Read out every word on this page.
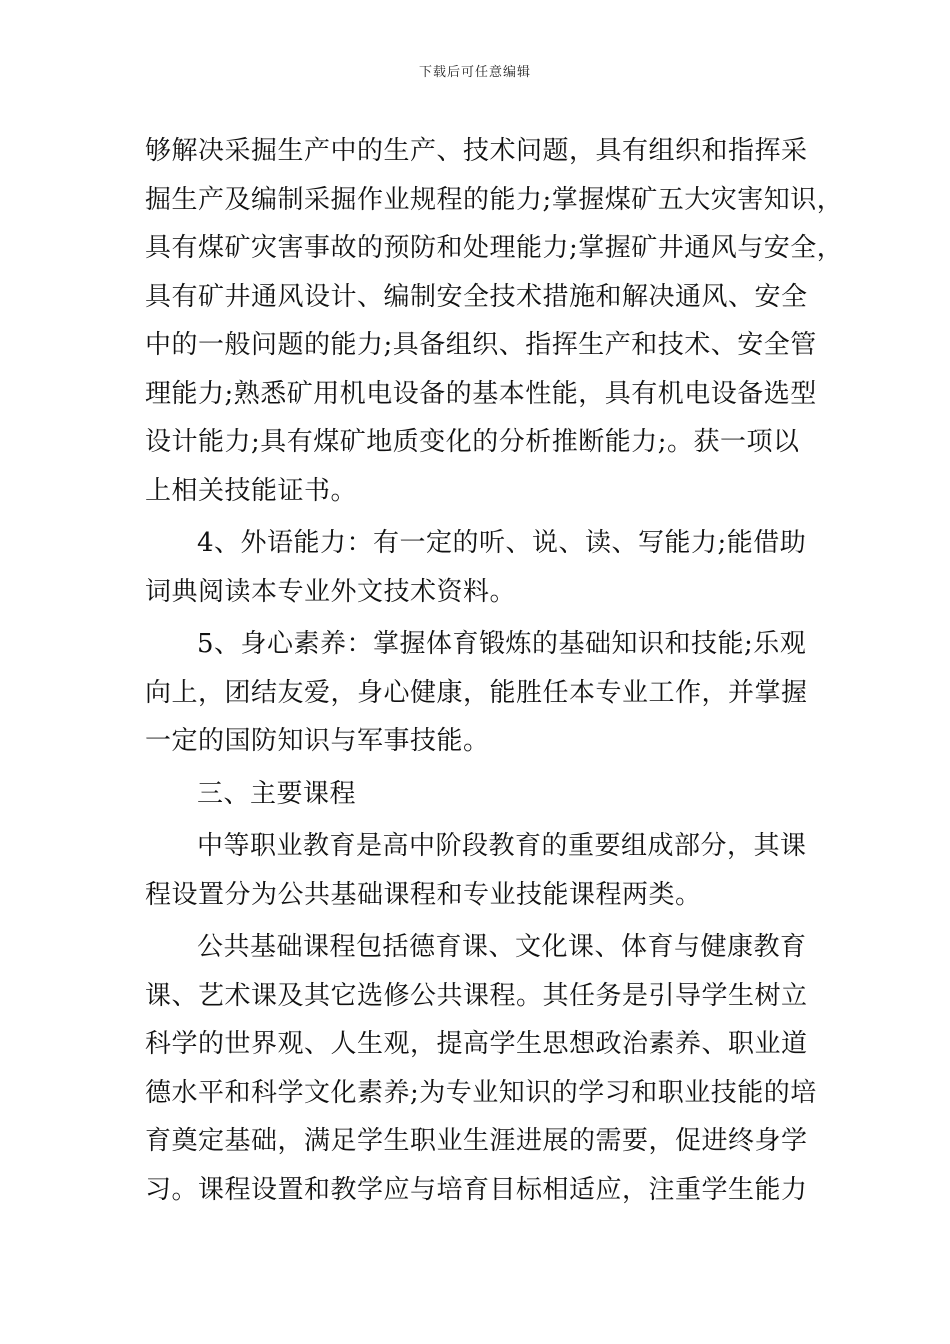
下载后可任意编辑

够解决采掘生产中的生产、技术问题，具有组织和指挥采
掘生产及编制采掘作业规程的能力;掌握煤矿五大灾害知识，
具有煤矿灾害事故的预防和处理能力;掌握矿井通风与安全，
具有矿井通风设计、编制安全技术措施和解决通风、安全
中的一般问题的能力;具备组织、指挥生产和技术、安全管
理能力;熟悉矿用机电设备的基本性能，具有机电设备选型
设计能力;具有煤矿地质变化的分析推断能力;。获一项以
上相关技能证书。

4、外语能力：有一定的听、说、读、写能力;能借助
词典阅读本专业外文技术资料。

5、身心素养：掌握体育锻炼的基础知识和技能;乐观
向上，团结友爱，身心健康，能胜任本专业工作，并掌握
一定的国防知识与军事技能。

三、主要课程

中等职业教育是高中阶段教育的重要组成部分，其课
程设置分为公共基础课程和专业技能课程两类。

公共基础课程包括德育课、文化课、体育与健康教育
课、艺术课及其它选修公共课程。其任务是引导学生树立
科学的世界观、人生观，提高学生思想政治素养、职业道
德水平和科学文化素养;为专业知识的学习和职业技能的培
育奠定基础，满足学生职业生涯进展的需要，促进终身学
习。课程设置和教学应与培育目标相适应，注重学生能力
